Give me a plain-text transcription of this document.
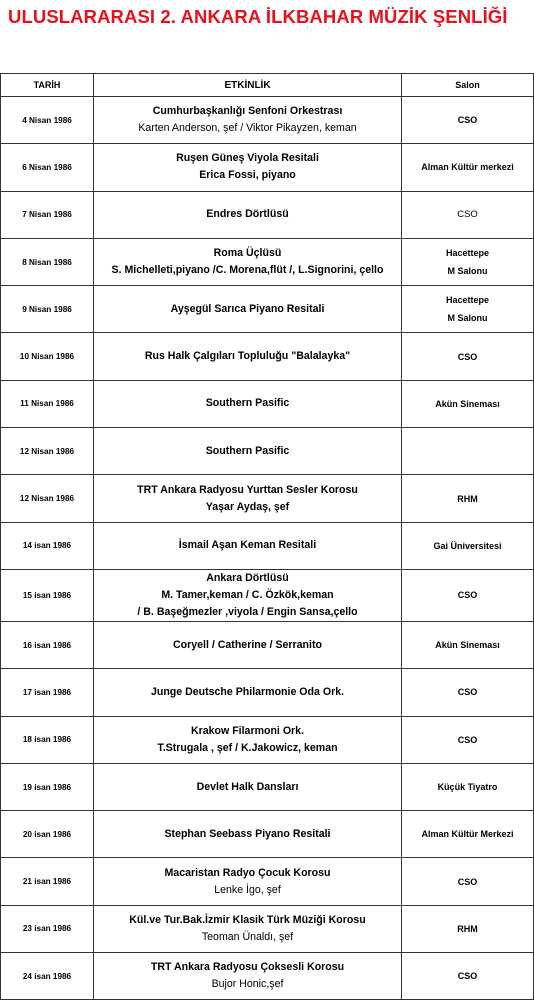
ULUSLARARASI 2. ANKARA İLKBAHAR MÜZİK ŞENLİĞİ
TARİH	ETKİNLİK	Salon
4 Nisan 1986	Cumhurbaşkanlığı Senfoni Orkestrası
Karten Anderson, şef / Viktor Pikayzen, keman	CSO

6 Nisan 1986	Ruşen Güneş Viyola Resitali
Erica Fossi, piyano	Alman Kültür merkezi

7 Nisan 1986	Endres Dörtlüsü	CSO

8 Nisan 1986	Roma Üçlüsü
S. Michelleti,piyano /C. Morena,flüt /, L.Signorini, çello	Hacettepe
M Salonu

9 Nisan 1986	Ayşegül Sarıca Piyano Resitali	Hacettepe
M Salonu

10 Nisan 1986	Rus Halk Çalgıları Topluluğu "Balalayka"	CSO

11 Nisan 1986	Southern Pasific	Akün Sineması

12 Nisan 1986	Southern Pasific	

12 Nisan 1986	TRT Ankara Radyosu Yurttan Sesler Korosu
Yaşar Aydaş, şef	RHM

14 isan 1986	İsmail Aşan Keman Resitali	Gai Üniversitesi

15 isan 1986	Ankara Dörtlüsü
M. Tamer,keman / C. Özkök,keman
/ B. Başeğmezler ,viyola / Engin Sansa,çello	CSO

16 isan 1986	Coryell / Catherine / Serranito	Akün Sineması

17 isan 1986	Junge Deutsche Philarmonie Oda Ork.	CSO

18 isan 1986	Krakow Filarmoni Ork.
T.Strugala , şef / K.Jakowicz, keman	CSO

19 isan 1986	Devlet Halk Dansları	Küçük Tiyatro

20 isan 1986	Stephan Seebass Piyano Resitali	Alman Kültür Merkezi

21 isan 1986	Macaristan Radyo Çocuk Korosu
Lenke İgo, şef	CSO

23 isan 1986	Kül.ve Tur.Bak.İzmir Klasik Türk Müziği Korosu
Teoman Ünaldı, şef	RHM

24 isan 1986	TRT Ankara Radyosu Çoksesli Korosu
Bujor Honic,şef	CSO
